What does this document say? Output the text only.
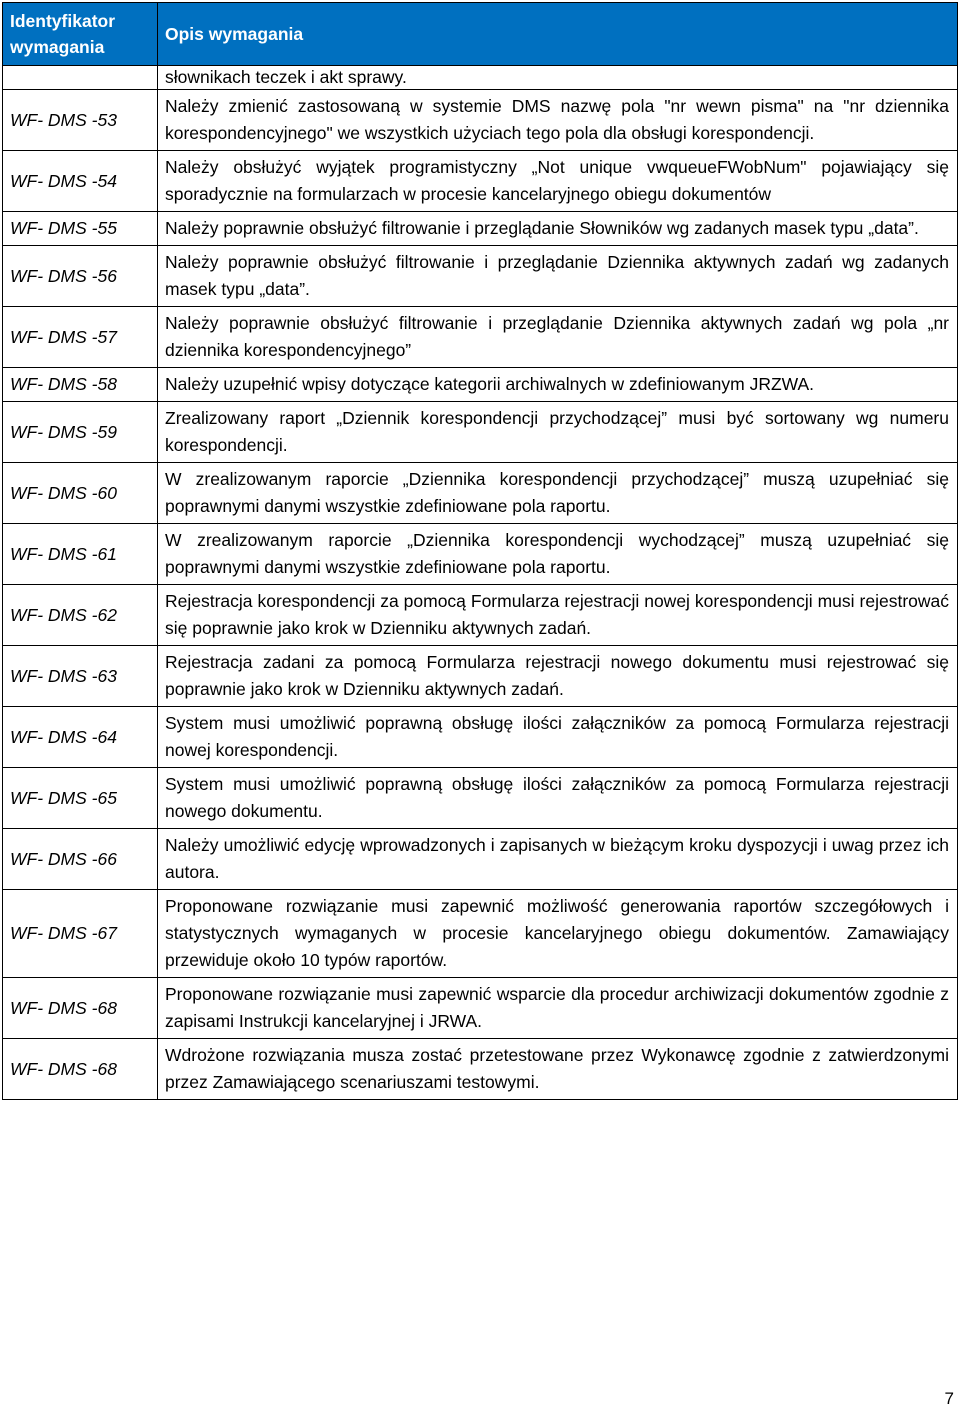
Identyfikator wymagania	Opis wymagania
	słownikach teczek i akt sprawy.
WF- DMS -53	Należy zmienić zastosowaną w systemie DMS nazwę pola "nr wewn pisma" na "nr dziennika korespondencyjnego" we wszystkich użyciach tego pola dla obsługi korespondencji.
WF- DMS -54	Należy obsłużyć wyjątek programistyczny „Not unique vwqueueFWobNum" pojawiający się sporadycznie na formularzach w procesie kancelaryjnego obiegu dokumentów
WF- DMS -55	Należy poprawnie obsłużyć filtrowanie i przeglądanie Słowników wg zadanych masek typu „data”.
WF- DMS -56	Należy poprawnie obsłużyć filtrowanie i przeglądanie Dziennika aktywnych zadań wg zadanych masek typu „data”.
WF- DMS -57	Należy poprawnie obsłużyć filtrowanie i przeglądanie Dziennika aktywnych zadań wg pola „nr dziennika korespondencyjnego”
WF- DMS -58	Należy uzupełnić wpisy dotyczące kategorii archiwalnych w zdefiniowanym JRZWA.
WF- DMS -59	Zrealizowany raport „Dziennik korespondencji przychodzącej” musi być sortowany wg numeru korespondencji.
WF- DMS -60	W zrealizowanym raporcie „Dziennika korespondencji przychodzącej” muszą uzupełniać się poprawnymi danymi wszystkie zdefiniowane pola raportu.
WF- DMS -61	W zrealizowanym raporcie „Dziennika korespondencji wychodzącej” muszą uzupełniać się poprawnymi danymi wszystkie zdefiniowane pola raportu.
WF- DMS -62	Rejestracja korespondencji za pomocą Formularza rejestracji nowej korespondencji musi rejestrować się poprawnie jako krok w Dzienniku aktywnych zadań.
WF- DMS -63	Rejestracja zadani za pomocą Formularza rejestracji nowego dokumentu musi rejestrować się poprawnie jako krok w Dzienniku aktywnych zadań.
WF- DMS -64	System musi umożliwić poprawną obsługę ilości załączników za pomocą Formularza rejestracji nowej korespondencji.
WF- DMS -65	System musi umożliwić poprawną obsługę ilości załączników za pomocą Formularza rejestracji nowego dokumentu.
WF- DMS -66	Należy umożliwić edycję wprowadzonych i zapisanych w bieżącym kroku dyspozycji i uwag przez ich autora.
WF- DMS -67	Proponowane rozwiązanie musi zapewnić możliwość generowania raportów szczegółowych i statystycznych wymaganych w procesie kancelaryjnego obiegu dokumentów. Zamawiający przewiduje około 10 typów raportów.
WF- DMS -68	Proponowane rozwiązanie musi zapewnić wsparcie dla procedur archiwizacji dokumentów zgodnie z zapisami Instrukcji kancelaryjnej i JRWA.
WF- DMS -68	Wdrożone rozwiązania musza zostać przetestowane przez Wykonawcę zgodnie z zatwierdzonymi przez Zamawiającego scenariuszami testowymi.
7
